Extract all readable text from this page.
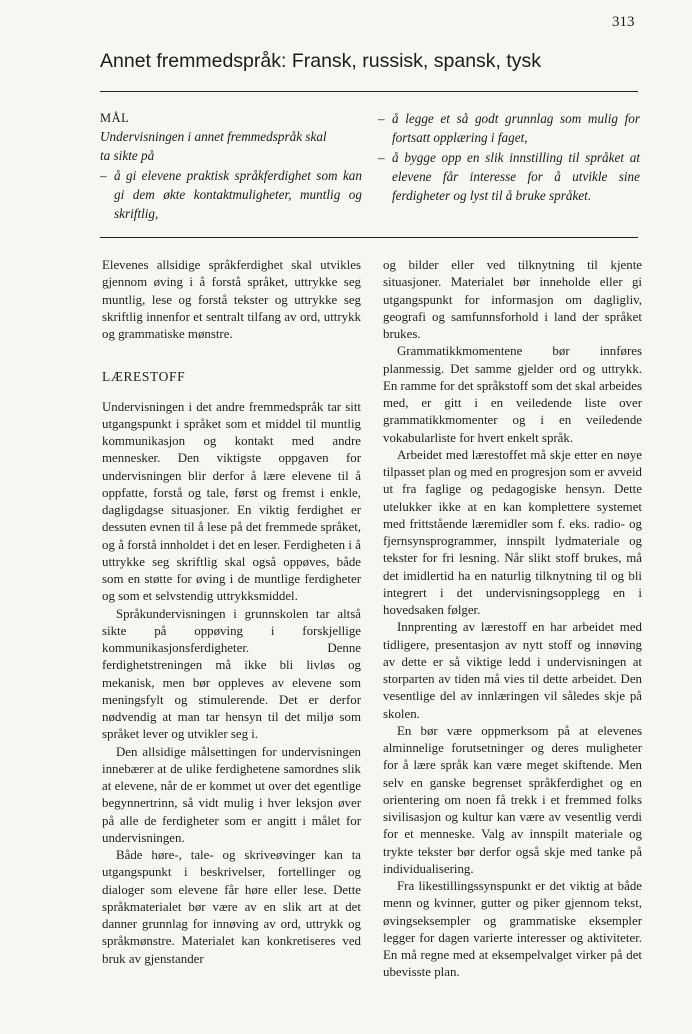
313
Annet fremmedspråk: Fransk, russisk, spansk, tysk
MÅL
Undervisningen i annet fremmedspråk skal
ta sikte på
– å gi elevene praktisk språkferdighet som kan gi dem økte kontaktmuligheter, muntlig og skriftlig,
– å legge et så godt grunnlag som mulig for fortsatt opplæring i faget,
– å bygge opp en slik innstilling til språket at elevene får interesse for å utvikle sine ferdigheter og lyst til å bruke språket.

Elevenes allsidige språkferdighet skal utvikles gjennom øving i å forstå språket, uttrykke seg muntlig, lese og forstå tekster og uttrykke seg skriftlig innenfor et sentralt tilfang av ord, uttrykk og grammatiske mønstre.

LÆRESTOFF

Undervisningen i det andre fremmedspråk tar sitt utgangspunkt i språket som et middel til muntlig kommunikasjon og kontakt med andre mennesker. Den viktigste oppgaven for undervisningen blir derfor å lære elevene til å oppfatte, forstå og tale, først og fremst i enkle, dagligdagse situasjoner. En viktig ferdighet er dessuten evnen til å lese på det fremmede språket, og å forstå innholdet i det en leser. Ferdigheten i å uttrykke seg skriftlig skal også oppøves, både som en støtte for øving i de muntlige ferdigheter og som et selvstendig uttrykksmiddel.

Språkundervisningen i grunnskolen tar altså sikte på oppøving i forskjellige kommunikasjonsferdigheter. Denne ferdighetstreningen må ikke bli livløs og mekanisk, men bør oppleves av elevene som meningsfylt og stimulerende. Det er derfor nødvendig at man tar hensyn til det miljø som språket lever og utvikler seg i.

Den allsidige målsettingen for undervisningen innebærer at de ulike ferdighetene samordnes slik at elevene, når de er kommet ut over det egentlige begynnertrinn, så vidt mulig i hver leksjon øver på alle de ferdigheter som er angitt i målet for undervisningen.

Både høre-, tale- og skriveøvinger kan ta utgangspunkt i beskrivelser, fortellinger og dialoger som elevene får høre eller lese. Dette språkmaterialet bør være av en slik art at det danner grunnlag for innøving av ord, uttrykk og språkmønstre. Materialet kan konkretiseres ved bruk av gjenstander

og bilder eller ved tilknytning til kjente situasjoner. Materialet bør inneholde eller gi utgangspunkt for informasjon om dagligliv, geografi og samfunnsforhold i land der språket brukes.

Grammatikkmomentene bør innføres planmessig. Det samme gjelder ord og uttrykk. En ramme for det språkstoff som det skal arbeides med, er gitt i en veiledende liste over grammatikkmomenter og i en veiledende vokabularliste for hvert enkelt språk.

Arbeidet med lærestoffet må skje etter en nøye tilpasset plan og med en progresjon som er avveid ut fra faglige og pedagogiske hensyn. Dette utelukker ikke at en kan komplettere systemet med frittstående læremidler som f. eks. radio- og fjernsynsprogrammer, innspilt lydmateriale og tekster for fri lesning. Når slikt stoff brukes, må det imidlertid ha en naturlig tilknytning til og bli integrert i det undervisningsopplegg en i hovedsaken følger.

Innprenting av lærestoff en har arbeidet med tidligere, presentasjon av nytt stoff og innøving av dette er så viktige ledd i undervisningen at storparten av tiden må vies til dette arbeidet. Den vesentlige del av innlæringen vil således skje på skolen.

En bør være oppmerksom på at elevenes alminnelige forutsetninger og deres muligheter for å lære språk kan være meget skiftende. Men selv en ganske begrenset språkferdighet og en orientering om noen få trekk i et fremmed folks sivilisasjon og kultur kan være av vesentlig verdi for et menneske. Valg av innspilt materiale og trykte tekster bør derfor også skje med tanke på individualisering.

Fra likestillingssynspunkt er det viktig at både menn og kvinner, gutter og piker gjennom tekst, øvingseksempler og grammatiske eksempler legger for dagen varierte interesser og aktiviteter. En må regne med at eksempelvalget virker på det ubevisste plan.
